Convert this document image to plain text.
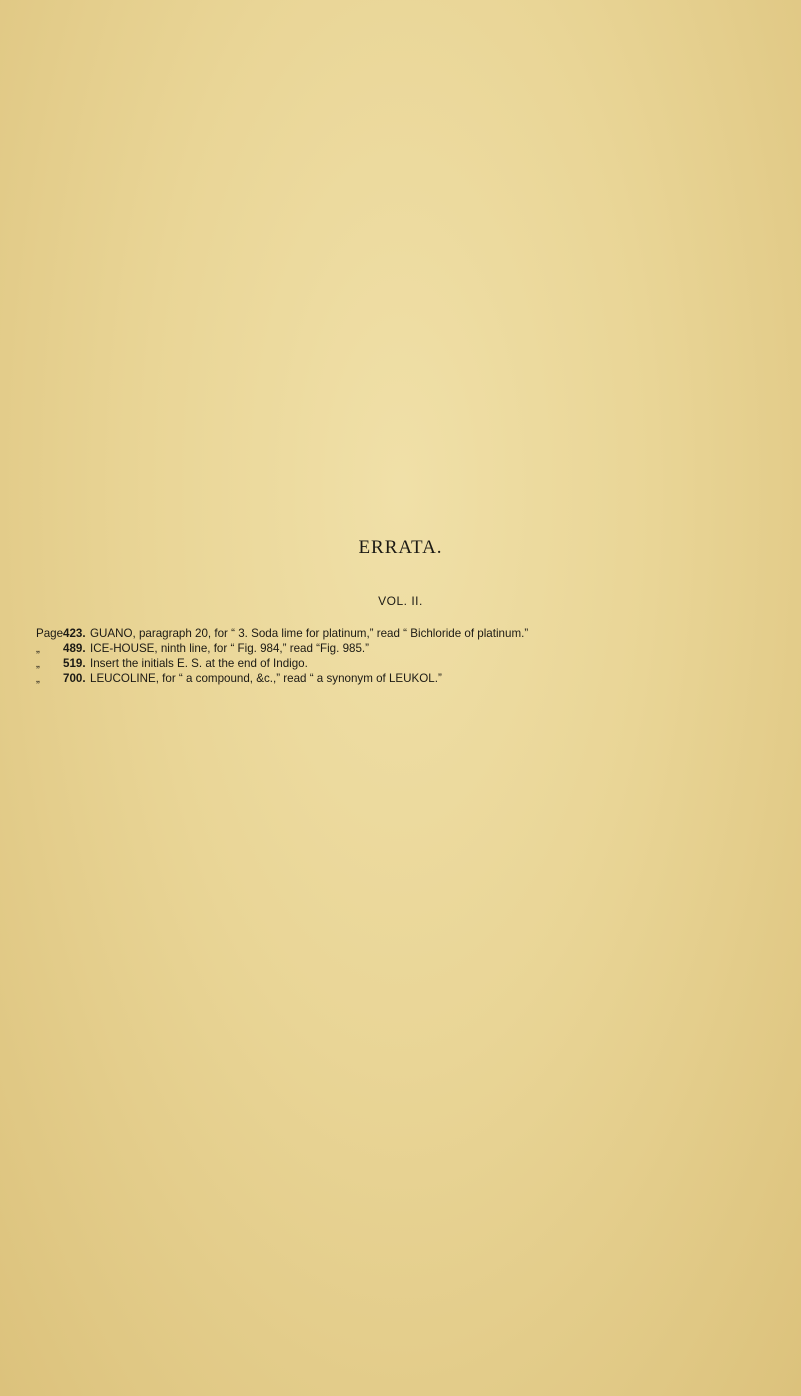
ERRATA.
VOL. II.
Page 423. GUANO, paragraph 20, for “ 3. Soda lime for platinum,” read “ Bichloride of platinum.”
„	489. ICE-HOUSE, ninth line, for “ Fig. 984,” read “Fig. 985.”
„	519. Insert the initials E. S. at the end of Indigo.
„	700. LEUCOLINE, for “ a compound, &c.,” read “ a synonym of LEUKOL.”
